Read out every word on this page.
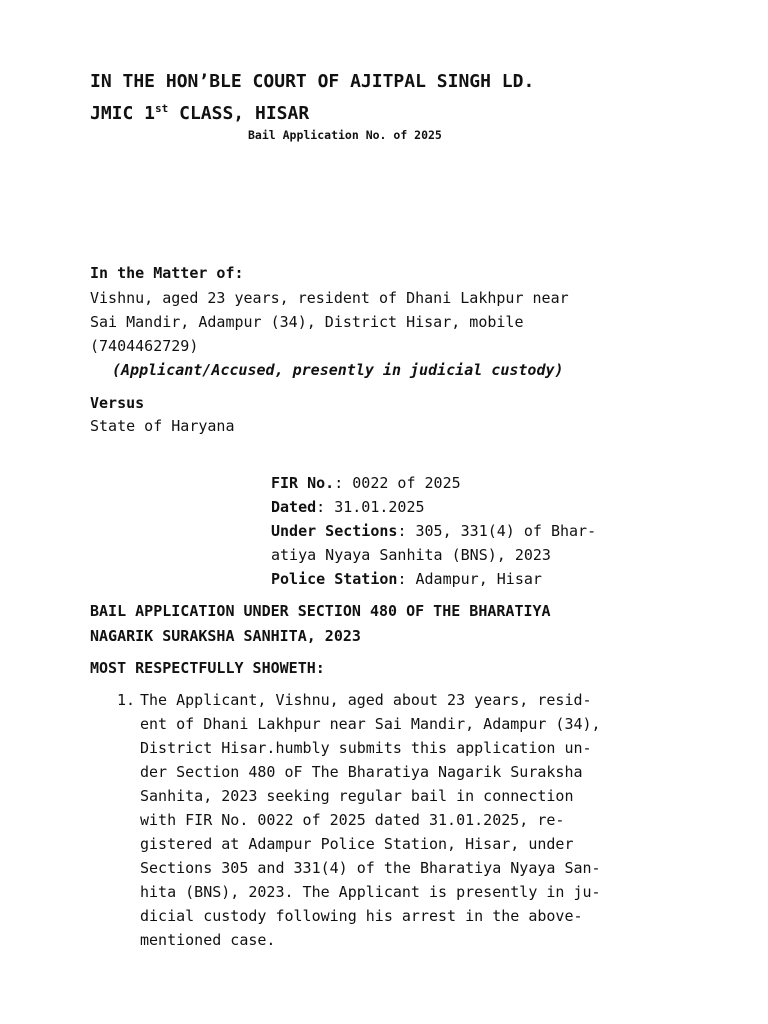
IN THE HON’BLE COURT OF AJITPAL SINGH LD.
JMIC 1st CLASS, HISAR
Bail Application No. of 2025
In the Matter of:
Vishnu, aged 23 years, resident of Dhani Lakhpur near
Sai Mandir, Adampur (34), District Hisar, mobile
(7404462729)
(Applicant/Accused, presently in judicial custody)
Versus
State of Haryana
FIR No.: 0022 of 2025
Dated: 31.01.2025
Under Sections: 305, 331(4) of Bhar-
atiya Nyaya Sanhita (BNS), 2023
Police Station: Adampur, Hisar
BAIL APPLICATION UNDER SECTION 480 OF THE BHARATIYA
NAGARIK SURAKSHA SANHITA, 2023
MOST RESPECTFULLY SHOWETH:
1. The Applicant, Vishnu, aged about 23 years, resid-
ent of Dhani Lakhpur near Sai Mandir, Adampur (34),
District Hisar.humbly submits this application un-
der Section 480 oF The Bharatiya Nagarik Suraksha
Sanhita, 2023 seeking regular bail in connection
with FIR No. 0022 of 2025 dated 31.01.2025, re-
gistered at Adampur Police Station, Hisar, under
Sections 305 and 331(4) of the Bharatiya Nyaya San-
hita (BNS), 2023. The Applicant is presently in ju-
dicial custody following his arrest in the above-
mentioned case.
